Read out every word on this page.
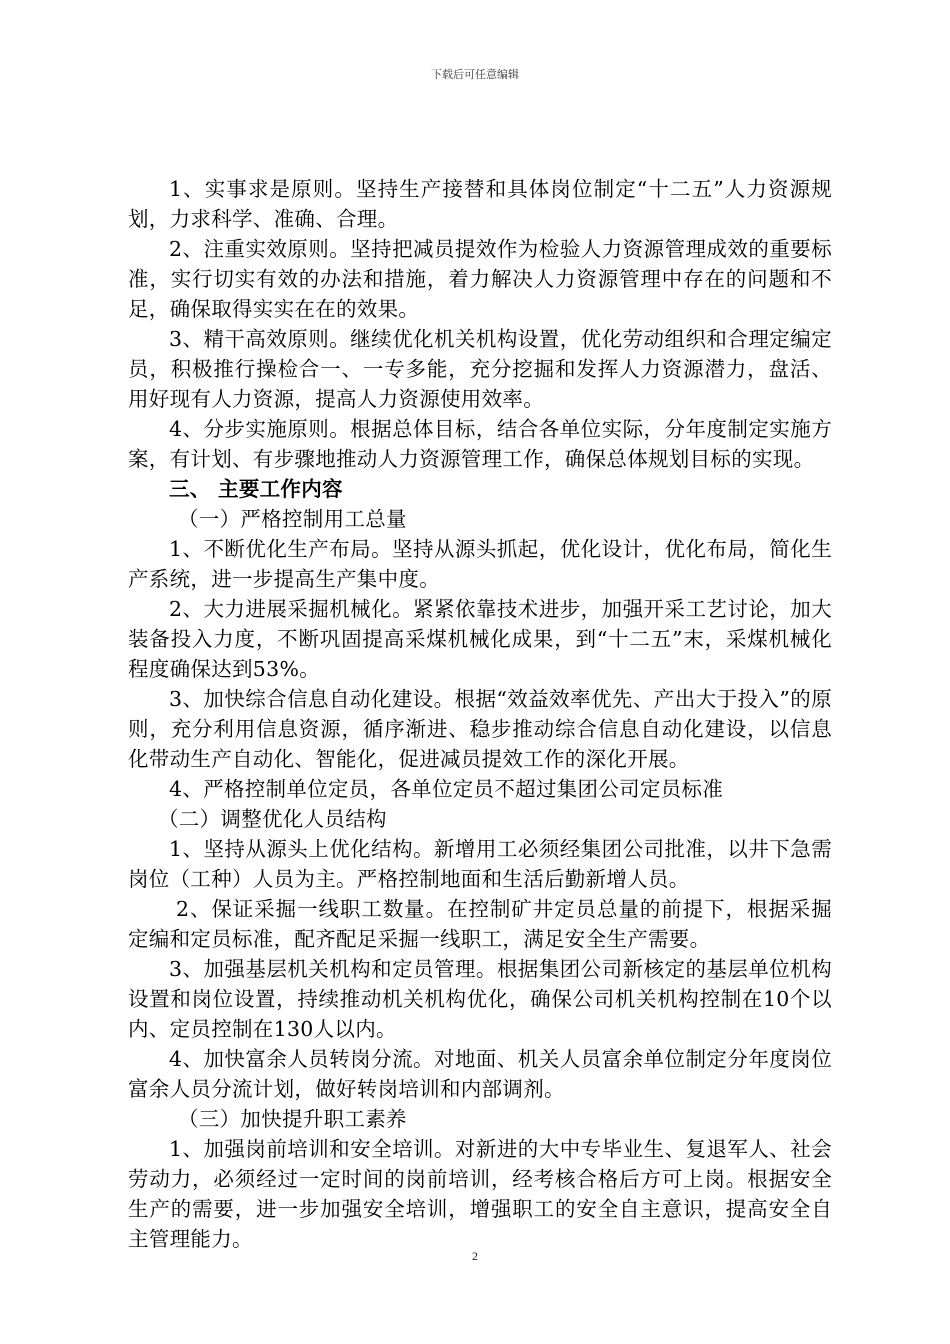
下载后可任意编辑

1、实事求是原则。坚持生产接替和具体岗位制定“十二五”人力资源规划，力求科学、准确、合理。

2、注重实效原则。坚持把减员提效作为检验人力资源管理成效的重要标准，实行切实有效的办法和措施，着力解决人力资源管理中存在的问题和不足，确保取得实实在在的效果。

3、精干高效原则。继续优化机关机构设置，优化劳动组织和合理定编定员，积极推行操检合一、一专多能，充分挖掘和发挥人力资源潜力，盘活、用好现有人力资源，提高人力资源使用效率。

4、分步实施原则。根据总体目标，结合各单位实际，分年度制定实施方案，有计划、有步骤地推动人力资源管理工作，确保总体规划目标的实现。

三、 主要工作内容

（一）严格控制用工总量

1、不断优化生产布局。坚持从源头抓起，优化设计，优化布局，简化生产系统，进一步提高生产集中度。

2、大力进展采掘机械化。紧紧依靠技术进步，加强开采工艺讨论，加大装备投入力度，不断巩固提高采煤机械化成果，到“十二五”末，采煤机械化程度确保达到53%。

3、加快综合信息自动化建设。根据“效益效率优先、产出大于投入”的原则，充分利用信息资源，循序渐进、稳步推动综合信息自动化建设，以信息化带动生产自动化、智能化，促进减员提效工作的深化开展。

4、严格控制单位定员，各单位定员不超过集团公司定员标准

（二）调整优化人员结构

1、坚持从源头上优化结构。新增用工必须经集团公司批准，以井下急需岗位（工种）人员为主。严格控制地面和生活后勤新增人员。

2、保证采掘一线职工数量。在控制矿井定员总量的前提下，根据采掘定编和定员标准，配齐配足采掘一线职工，满足安全生产需要。

3、加强基层机关机构和定员管理。根据集团公司新核定的基层单位机构设置和岗位设置，持续推动机关机构优化，确保公司机关机构控制在10个以内、定员控制在130人以内。

4、加快富余人员转岗分流。对地面、机关人员富余单位制定分年度岗位富余人员分流计划，做好转岗培训和内部调剂。

（三）加快提升职工素养

1、加强岗前培训和安全培训。对新进的大中专毕业生、复退军人、社会劳动力，必须经过一定时间的岗前培训，经考核合格后方可上岗。根据安全生产的需要，进一步加强安全培训，增强职工的安全自主意识，提高安全自主管理能力。

2
